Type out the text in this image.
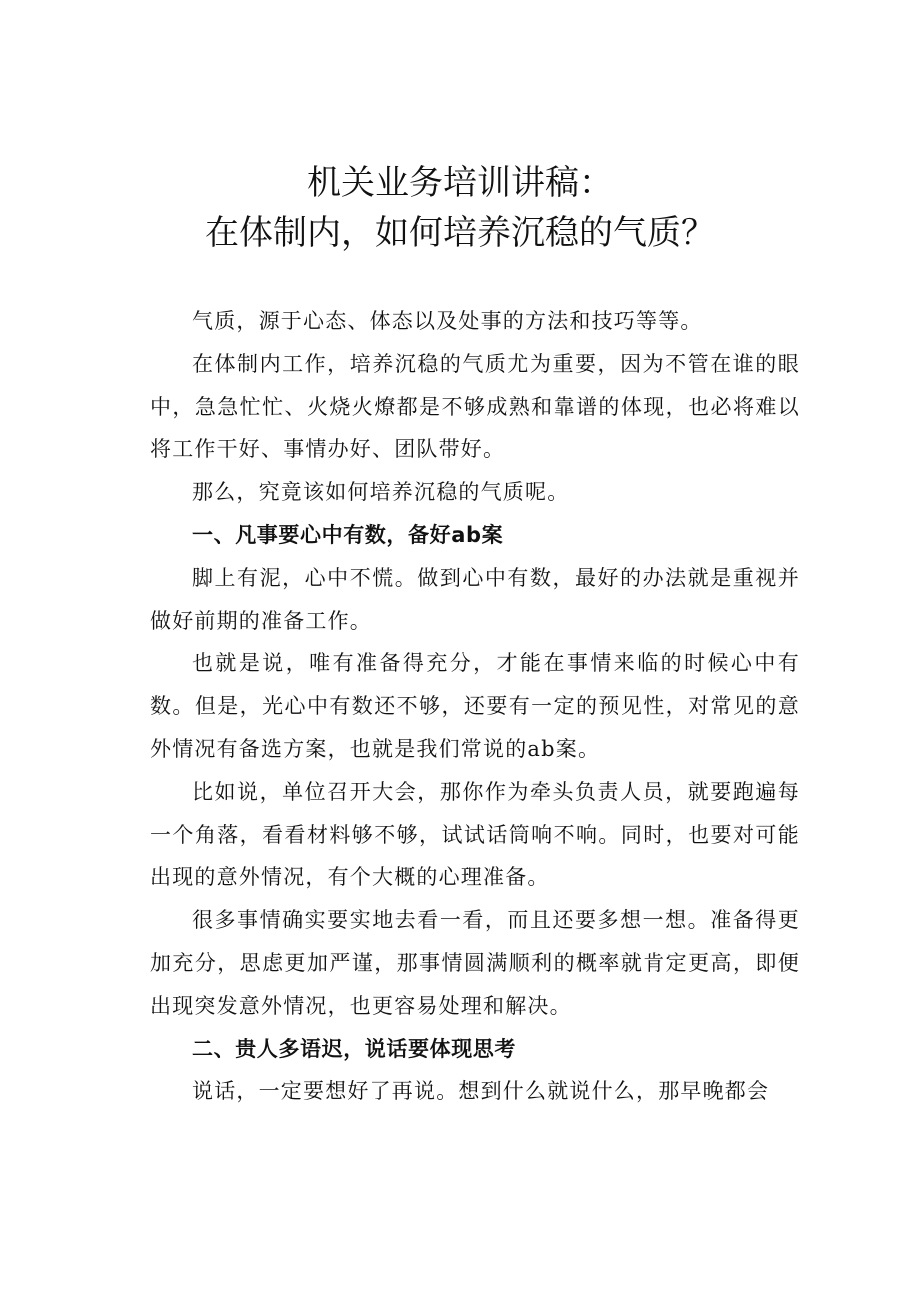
机关业务培训讲稿：
在体制内，如何培养沉稳的气质？

气质，源于心态、体态以及处事的方法和技巧等等。

在体制内工作，培养沉稳的气质尤为重要，因为不管在谁的眼中，急急忙忙、火烧火燎都是不够成熟和靠谱的体现，也必将难以将工作干好、事情办好、团队带好。

那么，究竟该如何培养沉稳的气质呢。

一、凡事要心中有数，备好ab案

脚上有泥，心中不慌。做到心中有数，最好的办法就是重视并做好前期的准备工作。

也就是说，唯有准备得充分，才能在事情来临的时候心中有数。但是，光心中有数还不够，还要有一定的预见性，对常见的意外情况有备选方案，也就是我们常说的ab案。

比如说，单位召开大会，那你作为牵头负责人员，就要跑遍每一个角落，看看材料够不够，试试话筒响不响。同时，也要对可能出现的意外情况，有个大概的心理准备。

很多事情确实要实地去看一看，而且还要多想一想。准备得更加充分，思虑更加严谨，那事情圆满顺利的概率就肯定更高，即便出现突发意外情况，也更容易处理和解决。

二、贵人多语迟，说话要体现思考

说话，一定要想好了再说。想到什么就说什么，那早晚都会
